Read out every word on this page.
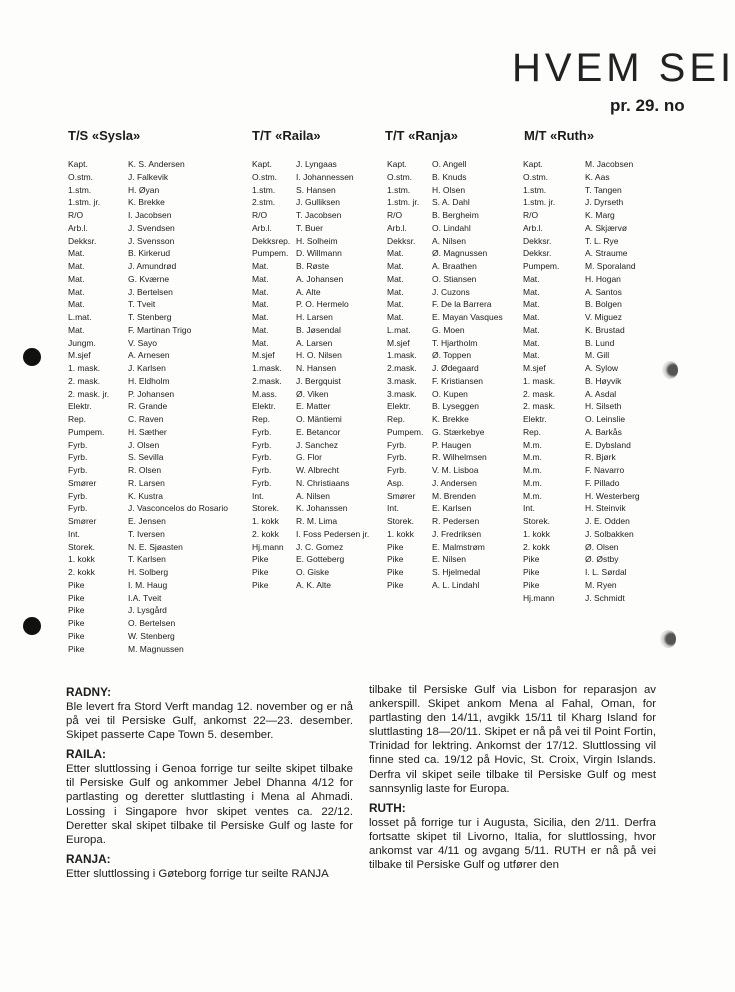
HVEM SEI
pr. 29. no
T/S «Sysla»
Kapt.	K. S. Andersen
O.stm.	J. Falkevik
1.stm.	H. Øyan
1.stm. jr.	K. Brekke
R/O	I. Jacobsen
Arb.l.	J. Svendsen
Dekksr.	J. Svensson
Mat.	B. Kirkerud
Mat.	J. Amundrød
Mat.	G. Kværne
Mat.	J. Bertelsen
Mat.	T. Tveit
L.mat.	T. Stenberg
Mat.	F. Martinan Trigo
Jungm.	V. Sayo
M.sjef	A. Arnesen
1. mask.	J. Karlsen
2. mask.	H. Eldholm
2. mask. jr. P. Johansen
Elektr.	R. Grande
Rep.	C. Raven
Pumpem.	H. Sæther
Fyrb.	J. Olsen
Fyrb.	S. Sevilla
Fyrb.	R. Olsen
Smører	R. Larsen
Fyrb.	K. Kustra
Fyrb.	J. Vasconcelos do Rosario
Smører	E. Jensen
Int.	T. Iversen
Storek.	N. E. Sjøasten
1. kokk	T. Karlsen
2. kokk	H. Solberg
Pike	I. M. Haug
Pike	I.A. Tveit
Pike	J. Lysgård
Pike	O. Bertelsen
Pike	W. Stenberg
Pike	M. Magnussen
T/T «Raila»
Kapt.	J. Lyngaas
O.stm. I. Johannessen
1.stm. S. Hansen
2.stm. J. Gulliksen
R/O	T. Jacobsen
Arb.l.	T. Buer
Dekksrep. H. Solheim
Pumpem. D. Willmann
Mat.	B. Røste
Mat.	A. Johansen
Mat.	A. Alte
Mat.	P. O. Hermelo
Mat.	H. Larsen
Mat.	B. Jøsendal
Mat.	A. Larsen
M.sjef	H. O. Nilsen
1.mask. N. Hansen
2.mask. J. Bergquist
M.ass. Ø. Viken
Elektr. E. Matter
Rep.	O. Mäntiemi
Fyrb.	E. Betancor
Fyrb.	J. Sanchez
Fyrb.	G. Flor
Fyrb.	W. Albrecht
Fyrb.	N. Christiaans
Int.	A. Nilsen
Storek. K. Johanssen
1. kokk R. M. Lima
2. kokk I. Foss Pedersen jr.
Hj.mann J. C. Gomez
Pike	E. Gotteberg
Pike	O. Giske
Pike	A. K. Alte
T/T «Ranja»
Kapt.	O. Angell
O.stm. B. Knuds
1.stm.	H. Olsen
1.stm. jr. S. A. Dahl
R/O	B. Bergheim
Arb.l.	O. Lindahl
Dekksr. A. Nilsen
Mat.	Ø. Magnussen
Mat.	A. Braathen
Mat.	O. Stiansen
Mat.	J. Cuzons
Mat.	F. De la Barrera
Mat.	E. Mayan Vasques
L.mat.	G. Moen
M.sjef	T. Hjartholm
1.mask. Ø. Toppen
2.mask. J. Ødegaard
3.mask. F. Kristiansen
3.mask. O. Kupen
Elektr.	B. Lyseggen
Rep.	K. Brekke
Pumpem. G. Stærkebye
Fyrb.	P. Haugen
Fyrb.	R. Wilhelmsen
Fyrb.	V. M. Lisboa
Asp.	J. Andersen
Smører M. Brenden
Int.	E. Karlsen
Storek. R. Pedersen
1. kokk J. Fredriksen
Pike	E. Malmstrøm
Pike	E. Nilsen
Pike	S. Hjelmedal
Pike	A. L. Lindahl
M/T «Ruth»
Kapt.	M. Jacobsen
O.stm.	K. Aas
1.stm.	T. Tangen
1.stm. jr.	J. Dyrseth
R/O	K. Marg
Arb.l.	A. Skjærvø
Dekksr.	T. L. Rye
Dekksr.	A. Straume
Pumpem.	M. Sporaland
Mat.	H. Hogan
Mat.	A. Santos
Mat.	B. Bolgen
Mat.	V. Miguez
Mat.	K. Brustad
Mat.	B. Lund
Mat.	M. Gill
M.sjef	A. Sylow
1. mask.	B. Høyvik
2. mask.	A. Asdal
2. mask.	H. Silseth
Elektr.	O. Leinslie
Rep.	A. Barkås
M.m.	E. Dybsland
M.m.	R. Bjørk
M.m.	F. Navarro
M.m.	F. Pillado
M.m.	H. Westerberg
Int.	H. Steinvik
Storek.	J. E. Odden
1. kokk	J. Solbakken
2. kokk	Ø. Olsen
Pike	Ø. Østby
Pike	I. L. Sørdal
Pike	M. Ryen
Hj.mann	J. Schmidt
RADNY:

Ble levert fra Stord Verft mandag 12. november og er nå på vei til Persiske Gulf, ankomst 22—23. desember. Skipet passerte Cape Town 5. desember.

RAILA:

Etter sluttlossing i Genoa forrige tur seilte skipet tilbake til Persiske Gulf og ankommer Jebel Dhanna 4/12 for partlasting og deretter sluttlasting i Mena al Ahmadi. Lossing i Singapore hvor skipet ventes ca. 22/12. Deretter skal skipet tilbake til Persiske Gulf og laste for Europa.

RANJA:

Etter sluttlossing i Gøteborg forrige tur seilte RANJA

tilbake til Persiske Gulf via Lisbon for reparasjon av ankerspill. Skipet ankom Mena al Fahal, Oman, for partlasting den 14/11, avgikk 15/11 til Kharg Island for sluttlasting 18—20/11. Skipet er nå på vei til Point Fortin, Trinidad for lektring. Ankomst der 17/12. Sluttlossing vil finne sted ca. 19/12 på Hovic, St. Croix, Virgin Islands. Derfra vil skipet seile tilbake til Persiske Gulf og mest sannsynlig laste for Europa.

RUTH:

losset på forrige tur i Augusta, Sicilia, den 2/11. Derfra fortsatte skipet til Livorno, Italia, for sluttlossing, hvor ankomst var 4/11 og avgang 5/11. RUTH er nå på vei tilbake til Persiske Gulf og utfører den
